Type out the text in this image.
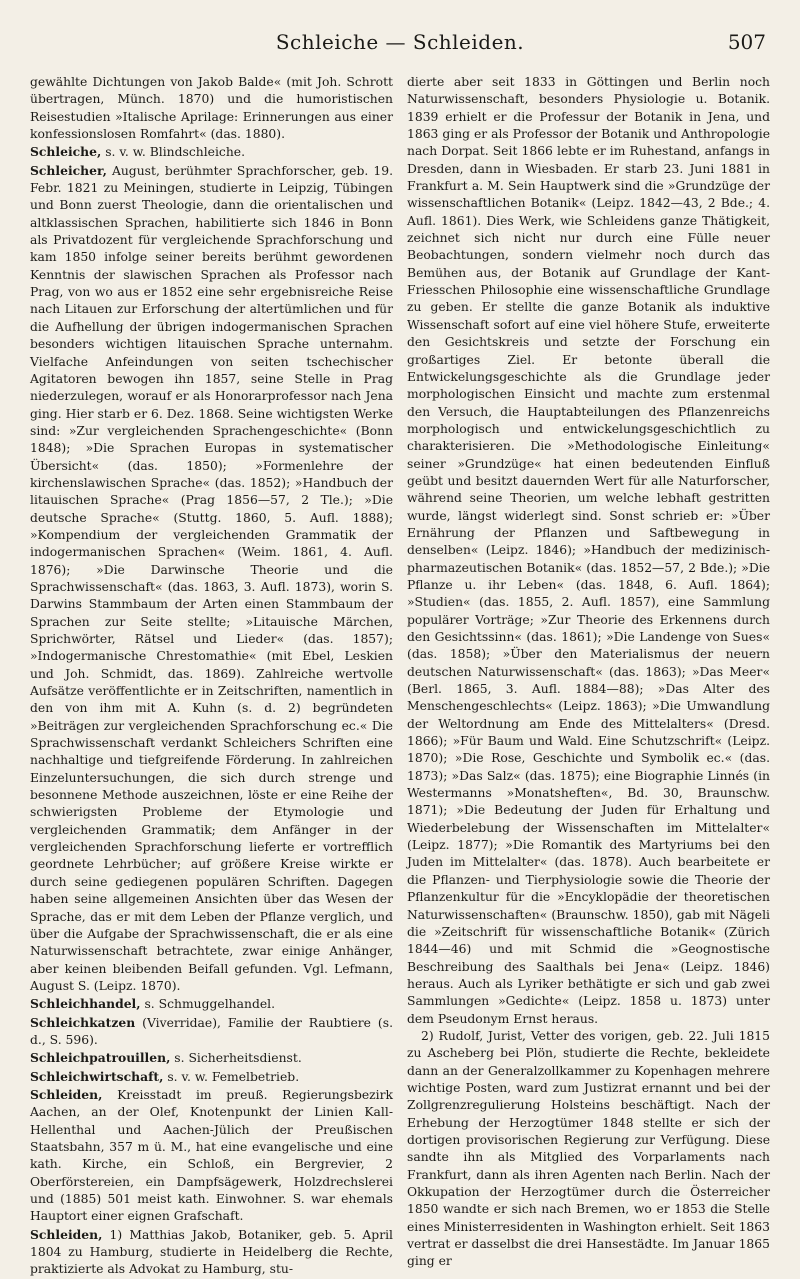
Schleiche — Schleiden.	507

gewählte Dichtungen von Jakob Balde« (mit Joh. Schrott übertragen, Münch. 1870) und die humoristischen Reisestudien »Italische Aprilage: Erinnerungen aus einer konfessionslosen Romfahrt« (das. 1880).

Schleiche, s. v. w. Blindschleiche.

Schleicher, August, berühmter Sprachforscher, geb. 19. Febr. 1821 zu Meiningen, studierte in Leipzig, Tübingen und Bonn zuerst Theologie, dann die orientalischen und altklassischen Sprachen, habilitierte sich 1846 in Bonn als Privatdozent für vergleichende Sprachforschung und kam 1850 infolge seiner bereits berühmt gewordenen Kenntnis der slawischen Sprachen als Professor nach Prag, von wo aus er 1852 eine sehr ergebnisreiche Reise nach Litauen zur Erforschung der altertümlichen und für die Aufhellung der übrigen indogermanischen Sprachen besonders wichtigen litauischen Sprache unternahm. Vielfache Anfeindungen von seiten tschechischer Agitatoren bewogen ihn 1857, seine Stelle in Prag niederzulegen, worauf er als Honorarprofessor nach Jena ging. Hier starb er 6. Dez. 1868. Seine wichtigsten Werke sind: »Zur vergleichenden Sprachengeschichte« (Bonn 1848); »Die Sprachen Europas in systematischer Übersicht« (das. 1850); »Formenlehre der kirchenslawischen Sprache« (das. 1852); »Handbuch der litauischen Sprache« (Prag 1856—57, 2 Tle.); »Die deutsche Sprache« (Stuttg. 1860, 5. Aufl. 1888); »Kompendium der vergleichenden Grammatik der indogermanischen Sprachen« (Weim. 1861, 4. Aufl. 1876); »Die Darwinsche Theorie und die Sprachwissenschaft« (das. 1863, 3. Aufl. 1873), worin S. Darwins Stammbaum der Arten einen Stammbaum der Sprachen zur Seite stellte; »Litauische Märchen, Sprichwörter, Rätsel und Lieder« (das. 1857); »Indogermanische Chrestomathie« (mit Ebel, Leskien und Joh. Schmidt, das. 1869). Zahlreiche wertvolle Aufsätze veröffentlichte er in Zeitschriften, namentlich in den von ihm mit A. Kuhn (s. d. 2) begründeten »Beiträgen zur vergleichenden Sprachforschung ec.« Die Sprachwissenschaft verdankt Schleichers Schriften eine nachhaltige und tiefgreifende Förderung. In zahlreichen Einzeluntersuchungen, die sich durch strenge und besonnene Methode auszeichnen, löste er eine Reihe der schwierigsten Probleme der Etymologie und vergleichenden Grammatik; dem Anfänger in der vergleichenden Sprachforschung lieferte er vortrefflich geordnete Lehrbücher; auf größere Kreise wirkte er durch seine gediegenen populären Schriften. Dagegen haben seine allgemeinen Ansichten über das Wesen der Sprache, das er mit dem Leben der Pflanze verglich, und über die Aufgabe der Sprachwissenschaft, die er als eine Naturwissenschaft betrachtete, zwar einige Anhänger, aber keinen bleibenden Beifall gefunden. Vgl. Lefmann, August S. (Leipz. 1870).

Schleichhandel, s. Schmuggelhandel.

Schleichkatzen (Viverridae), Familie der Raubtiere (s. d., S. 596).

Schleichpatrouillen, s. Sicherheitsdienst.

Schleichwirtschaft, s. v. w. Femelbetrieb.

Schleiden, Kreisstadt im preuß. Regierungsbezirk Aachen, an der Olef, Knotenpunkt der Linien Kall-Hellenthal und Aachen-Jülich der Preußischen Staatsbahn, 357 m ü. M., hat eine evangelische und eine kath. Kirche, ein Schloß, ein Bergrevier, 2 Oberförstereien, ein Dampfsägewerk, Holzdrechslerei und (1885) 501 meist kath. Einwohner. S. war ehemals Hauptort einer eignen Grafschaft.

Schleiden, 1) Matthias Jakob, Botaniker, geb. 5. April 1804 zu Hamburg, studierte in Heidelberg die Rechte, praktizierte als Advokat zu Hamburg, stu-

dierte aber seit 1833 in Göttingen und Berlin noch Naturwissenschaft, besonders Physiologie u. Botanik. 1839 erhielt er die Professur der Botanik in Jena, und 1863 ging er als Professor der Botanik und Anthropologie nach Dorpat. Seit 1866 lebte er im Ruhestand, anfangs in Dresden, dann in Wiesbaden. Er starb 23. Juni 1881 in Frankfurt a. M. Sein Hauptwerk sind die »Grundzüge der wissenschaftlichen Botanik« (Leipz. 1842—43, 2 Bde.; 4. Aufl. 1861). Dies Werk, wie Schleidens ganze Thätigkeit, zeichnet sich nicht nur durch eine Fülle neuer Beobachtungen, sondern vielmehr noch durch das Bemühen aus, der Botanik auf Grundlage der Kant-Friesschen Philosophie eine wissenschaftliche Grundlage zu geben. Er stellte die ganze Botanik als induktive Wissenschaft sofort auf eine viel höhere Stufe, erweiterte den Gesichtskreis und setzte der Forschung ein großartiges Ziel. Er betonte überall die Entwickelungsgeschichte als die Grundlage jeder morphologischen Einsicht und machte zum erstenmal den Versuch, die Hauptabteilungen des Pflanzenreichs morphologisch und entwickelungsgeschichtlich zu charakterisieren. Die »Methodologische Einleitung« seiner »Grundzüge« hat einen bedeutenden Einfluß geübt und besitzt dauernden Wert für alle Naturforscher, während seine Theorien, um welche lebhaft gestritten wurde, längst widerlegt sind. Sonst schrieb er: »Über Ernährung der Pflanzen und Saftbewegung in denselben« (Leipz. 1846); »Handbuch der medizinisch-pharmazeutischen Botanik« (das. 1852—57, 2 Bde.); »Die Pflanze u. ihr Leben« (das. 1848, 6. Aufl. 1864); »Studien« (das. 1855, 2. Aufl. 1857), eine Sammlung populärer Vorträge; »Zur Theorie des Erkennens durch den Gesichtssinn« (das. 1861); »Die Landenge von Sues« (das. 1858); »Über den Materialismus der neuern deutschen Naturwissenschaft« (das. 1863); »Das Meer« (Berl. 1865, 3. Aufl. 1884—88); »Das Alter des Menschengeschlechts« (Leipz. 1863); »Die Umwandlung der Weltordnung am Ende des Mittelalters« (Dresd. 1866); »Für Baum und Wald. Eine Schutzschrift« (Leipz. 1870); »Die Rose, Geschichte und Symbolik ec.« (das. 1873); »Das Salz« (das. 1875); eine Biographie Linnés (in Westermanns »Monatsheften«, Bd. 30, Braunschw. 1871); »Die Bedeutung der Juden für Erhaltung und Wiederbelebung der Wissenschaften im Mittelalter« (Leipz. 1877); »Die Romantik des Martyriums bei den Juden im Mittelalter« (das. 1878). Auch bearbeitete er die Pflanzen- und Tierphysiologie sowie die Theorie der Pflanzenkultur für die »Encyklopädie der theoretischen Naturwissenschaften« (Braunschw. 1850), gab mit Nägeli die »Zeitschrift für wissenschaftliche Botanik« (Zürich 1844—46) und mit Schmid die »Geognostische Beschreibung des Saalthals bei Jena« (Leipz. 1846) heraus. Auch als Lyriker bethätigte er sich und gab zwei Sammlungen »Gedichte« (Leipz. 1858 u. 1873) unter dem Pseudonym Ernst heraus.

2) Rudolf, Jurist, Vetter des vorigen, geb. 22. Juli 1815 zu Ascheberg bei Plön, studierte die Rechte, bekleidete dann an der Generalzollkammer zu Kopenhagen mehrere wichtige Posten, ward zum Justizrat ernannt und bei der Zollgrenzregulierung Holsteins beschäftigt. Nach der Erhebung der Herzogtümer 1848 stellte er sich der dortigen provisorischen Regierung zur Verfügung. Diese sandte ihn als Mitglied des Vorparlaments nach Frankfurt, dann als ihren Agenten nach Berlin. Nach der Okkupation der Herzogtümer durch die Österreicher 1850 wandte er sich nach Bremen, wo er 1853 die Stelle eines Ministerresidenten in Washington erhielt. Seit 1863 vertrat er dasselbst die drei Hansestädte. Im Januar 1865 ging er
